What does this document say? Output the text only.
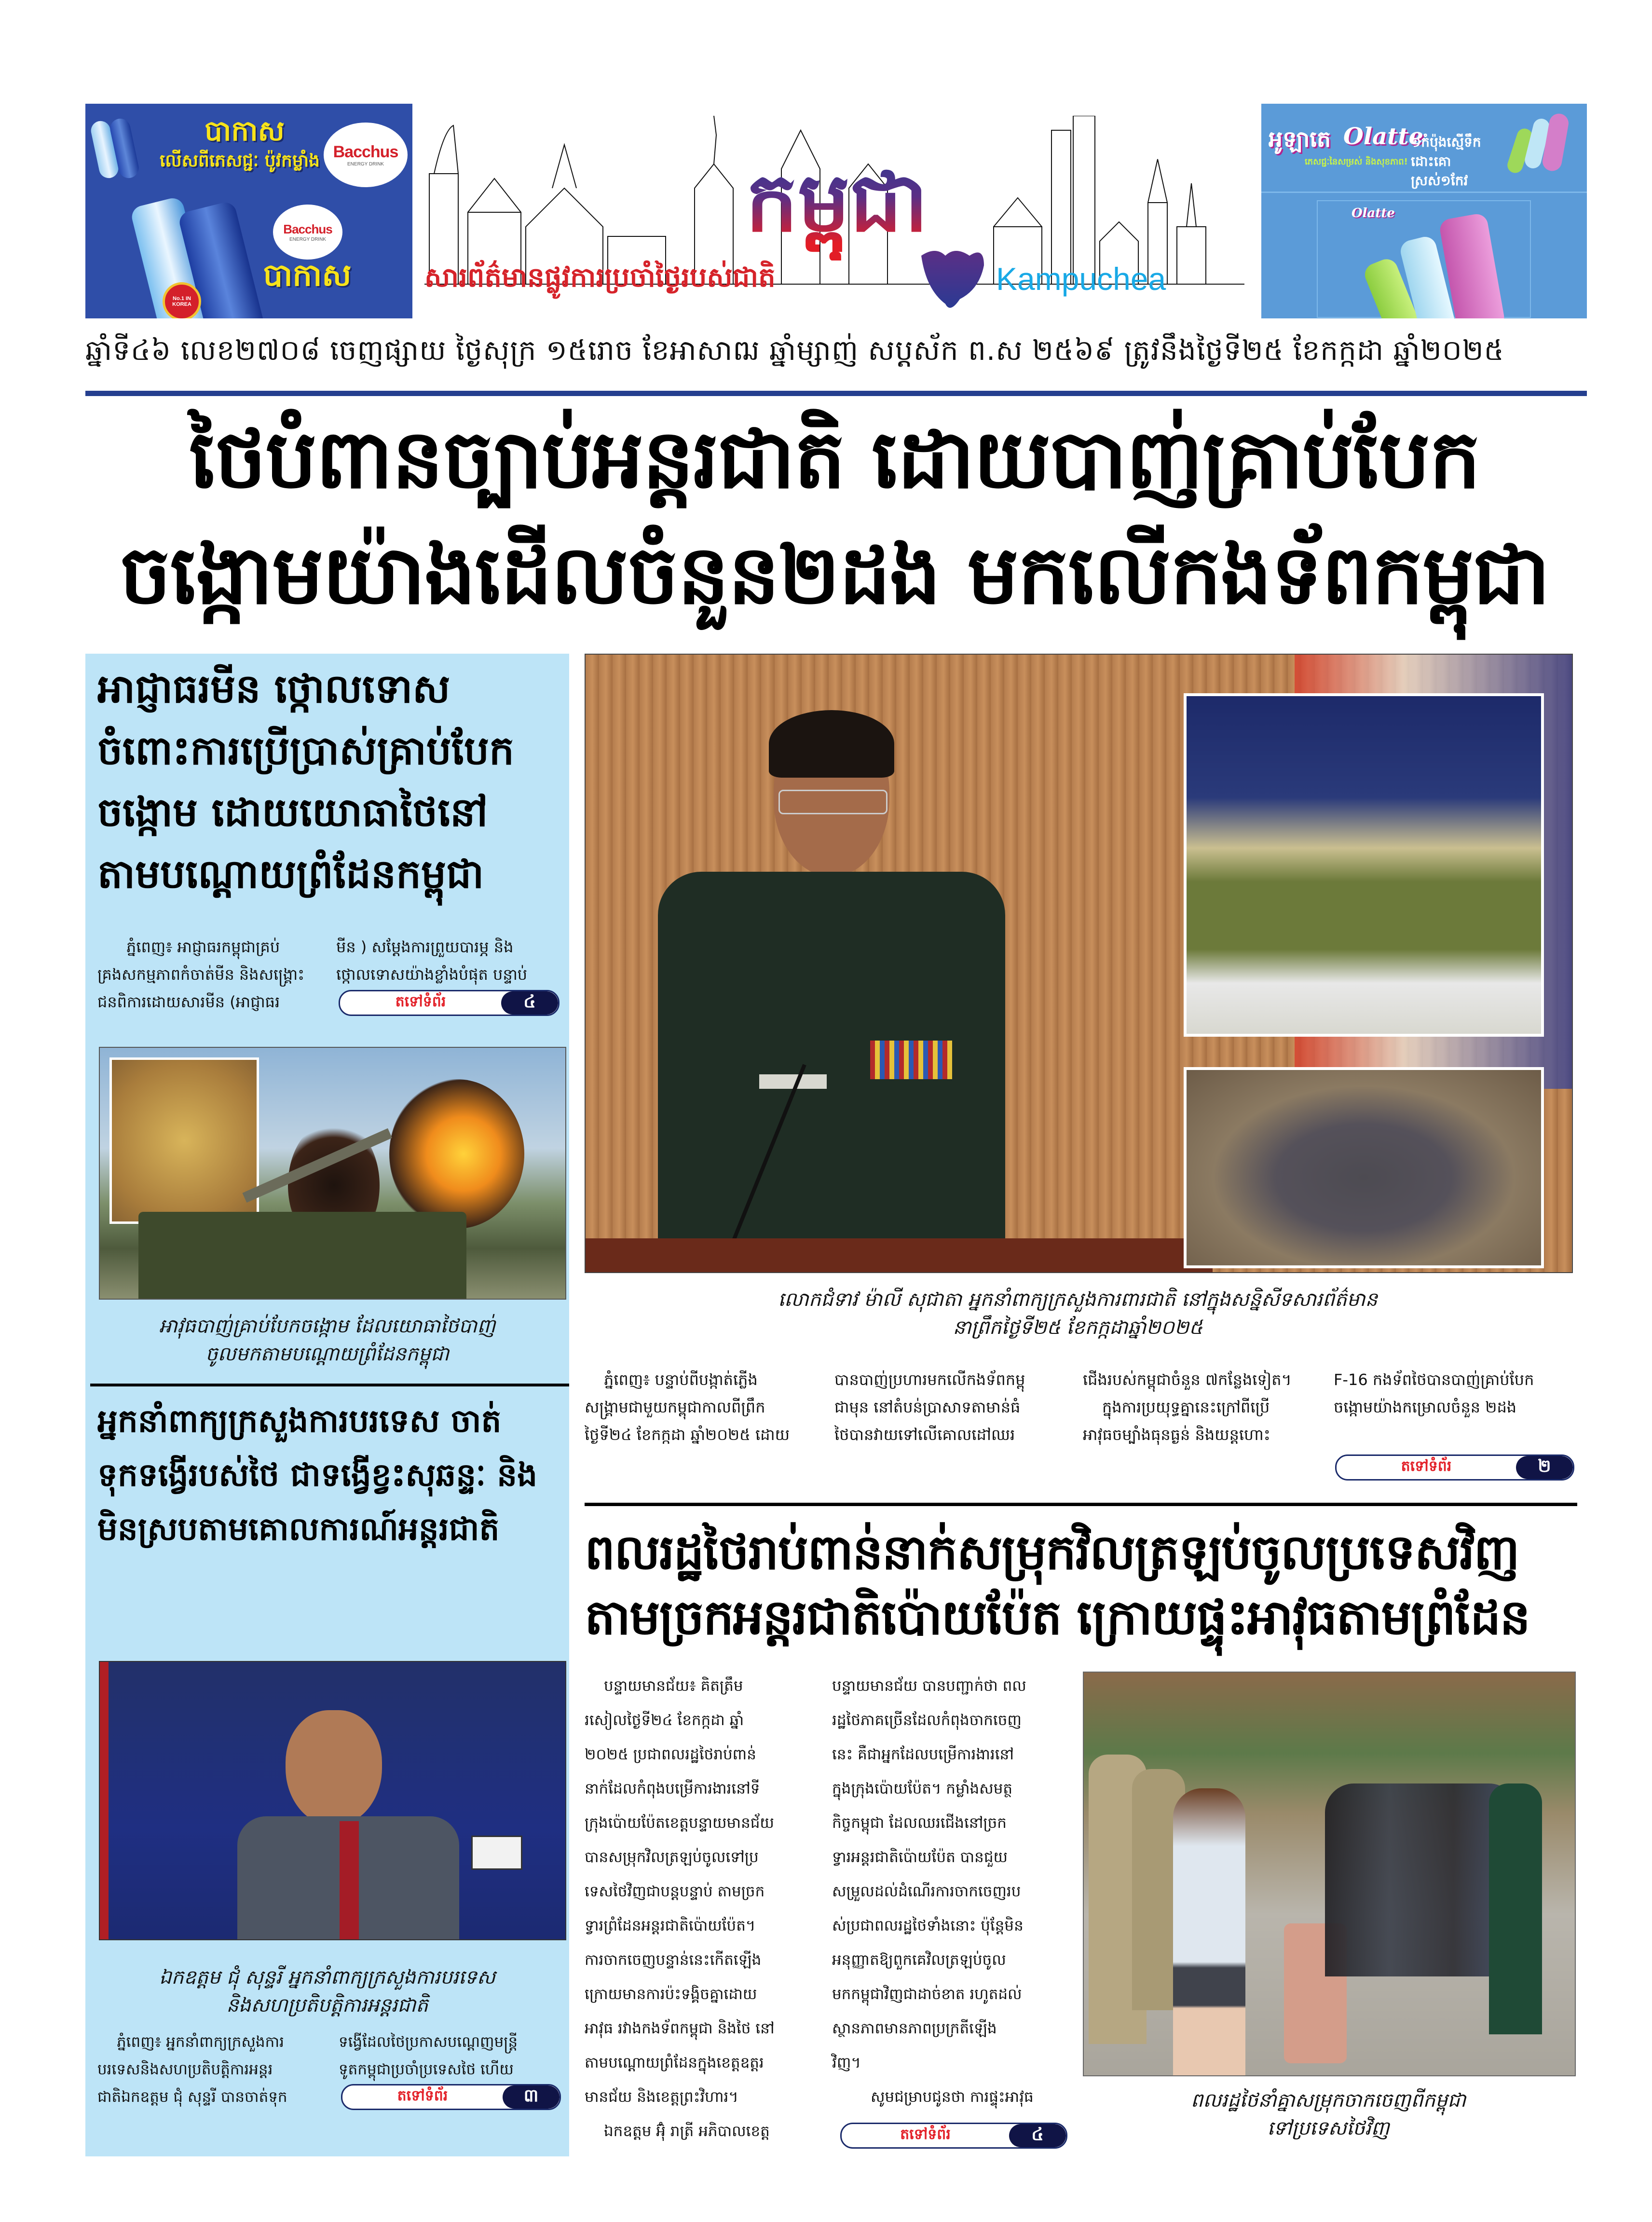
បាកាស
លើសពីភេសជ្ជៈ ប៉ូវកម្លាំង Bacchus
ENERGY DRINK
No.1 IN KOREA
Bacchus
ENERGY DRINK
បាកាស
កម្ពុជា
សារព័ត៌មានផ្លូវការប្រចាំថ្ងៃរបស់ជាតិ	Kampuchea
អូឡាតេ Olatte
ភេសជ្ជៈនៃសម្រស់ និងសុខភាព!
១កំប៉ុងស្មើទឹកដោះគោស្រស់១កែវ
Olatte
ឆ្នាំទី៤៦ លេខ២៧០៨ ចេញផ្សាយ ថ្ងៃសុក្រ ១៥រោច ខែអាសាឍ ឆ្នាំម្សាញ់ សប្តស័ក ព.ស ២៥៦៩ ត្រូវនឹងថ្ងៃទី២៥ ខែកក្កដា ឆ្នាំ២០២៥
ថៃបំពានច្បាប់អន្តរជាតិ ដោយបាញ់គ្រាប់បែក
ចង្កោមយ៉ាងដើលចំនួន២ដង មកលើកងទ័ពកម្ពុជា
អាជ្ញាធរមីន ថ្កោលទោស
ចំពោះការប្រើប្រាស់គ្រាប់បែក
ចង្កោម ដោយយោធាថៃនៅ
តាមបណ្តោយព្រំដែនកម្ពុជា
ភ្នំពេញ៖ អាជ្ញាធរកម្ពុជាគ្រប់
គ្រងសកម្មភាពកំចាត់មីន និងសង្គ្រោះ
ជនពិការដោយសារមីន (អាជ្ញាធរ
មីន ) សម្តែងការព្រួយបារម្ភ និង
ថ្កោលទោសយ៉ាងខ្លាំងបំផុត បន្ទាប់
តទៅទំព័រ	៤
អាវុធបាញ់គ្រាប់បែកចង្កោម ដែលយោធាថៃបាញ់
ចូលមកតាមបណ្តោយព្រំដែនកម្ពុជា
អ្នកនាំពាក្យក្រសួងការបរទេស ចាត់
ទុកទង្វើរបស់ថៃ ជាទង្វើខ្វះសុឆន្ទៈ និង
មិនស្របតាមគោលការណ៍អន្តរជាតិ
ឯកឧត្តម ជុំ សុន្ទរី អ្នកនាំពាក្យក្រសួងការបរទេស
និងសហប្រតិបត្តិការអន្តរជាតិ
ភ្នំពេញ៖ អ្នកនាំពាក្យក្រសួងការ
បរទេសនិងសហប្រតិបត្តិការអន្តរ
ជាតិឯកឧត្តម ជុំ សុន្ទរី បានចាត់ទុក
ទង្វើដែលថៃប្រកាសបណ្តេញមន្រ្តី
ទូតកម្ពុជាប្រចាំប្រទេសថៃ ហើយ
តទៅទំព័រ	៣
លោកជំទាវ ម៉ាលី សុជាតា អ្នកនាំពាក្យក្រសួងការពារជាតិ នៅក្នុងសន្និសីទសារព័ត៌មាន
នាព្រឹកថ្ងៃទី២៥ ខែកក្កដាឆ្នាំ២០២៥
ភ្នំពេញ៖ បន្ទាប់ពីបង្កាត់ភ្លើង
សង្គ្រាមជាមួយកម្ពុជាកាលពីព្រឹក
ថ្ងៃទី២៤ ខែកក្កដា ឆ្នាំ២០២៥ ដោយ
បានបាញ់ប្រហារមកលើកងទ័ពកម្ពុ
ជាមុន នៅតំបន់ប្រាសាទតាមាន់ធំ
ថៃបានវាយទៅលើគោលដៅឈរ
ជើងរបស់កម្ពុជាចំនួន ៧កន្លែងទៀត។
ក្នុងការប្រយុទ្ធគ្នានេះក្រៅពីប្រើ
អាវុធចម្បាំងធុនធ្ងន់ និងយន្តហោះ
F-16 កងទ័ពថៃបានបាញ់គ្រាប់បែក
ចង្កោមយ៉ាងកម្រោលចំនួន ២ដង
តទៅទំព័រ	២
ពលរដ្ឋថៃរាប់ពាន់នាក់សម្រុកវិលត្រឡប់ចូលប្រទេសវិញ
តាមច្រកអន្តរជាតិប៉ោយប៉ែត ក្រោយផ្ទុះអាវុធតាមព្រំដែន
បន្ទាយមានជ័យ៖ គិតត្រឹម
រសៀលថ្ងៃទី២៤ ខែកក្កដា ឆ្នាំ
២០២៥ ប្រជាពលរដ្ឋថៃរាប់ពាន់
នាក់ដែលកំពុងបម្រើការងារនៅទី
ក្រុងប៉ោយប៉ែតខេត្តបន្ទាយមានជ័យ
បានសម្រុកវិលត្រឡប់ចូលទៅប្រ
ទេសថៃវិញជាបន្តបន្ទាប់ តាមច្រក
ទ្វារព្រំដែនអន្តរជាតិប៉ោយប៉ែត។
ការចាកចេញបន្ទាន់នេះកើតឡើង
ក្រោយមានការប៉ះទង្គិចគ្នាដោយ
អាវុធ រវាងកងទ័ពកម្ពុជា និងថៃ នៅ
តាមបណ្តោយព្រំដែនក្នុងខេត្តឧត្តរ
មានជ័យ និងខេត្តព្រះវិហារ។
ឯកឧត្តម អ៊ុំ រាត្រី អភិបាលខេត្ត
បន្ទាយមានជ័យ បានបញ្ជាក់ថា ពល
រដ្ឋថៃភាគច្រើនដែលកំពុងចាកចេញ
នេះ គឺជាអ្នកដែលបម្រើការងារនៅ
ក្នុងក្រុងប៉ោយប៉ែត។ កម្លាំងសមត្ថ
កិច្ចកម្ពុជា ដែលឈរជើងនៅច្រក
ទ្វារអន្តរជាតិប៉ោយប៉ែត បានជួយ
សម្រួលដល់ដំណើរការចាកចេញរប
ស់ប្រជាពលរដ្ឋថៃទាំងនោះ ប៉ុន្តែមិន
អនុញ្ញាតឱ្យពួកគេវិលត្រឡប់ចូល
មកកម្ពុជាវិញជាដាច់ខាត រហូតដល់
ស្ថានភាពមានភាពប្រក្រតីឡើង
វិញ។
សូមជម្រាបជូនថា ការផ្ទុះអាវុធ
តទៅទំព័រ	៤
ពលរដ្ឋថៃនាំគ្នាសម្រុកចាកចេញពីកម្ពុជា
ទៅប្រទេសថៃវិញ
